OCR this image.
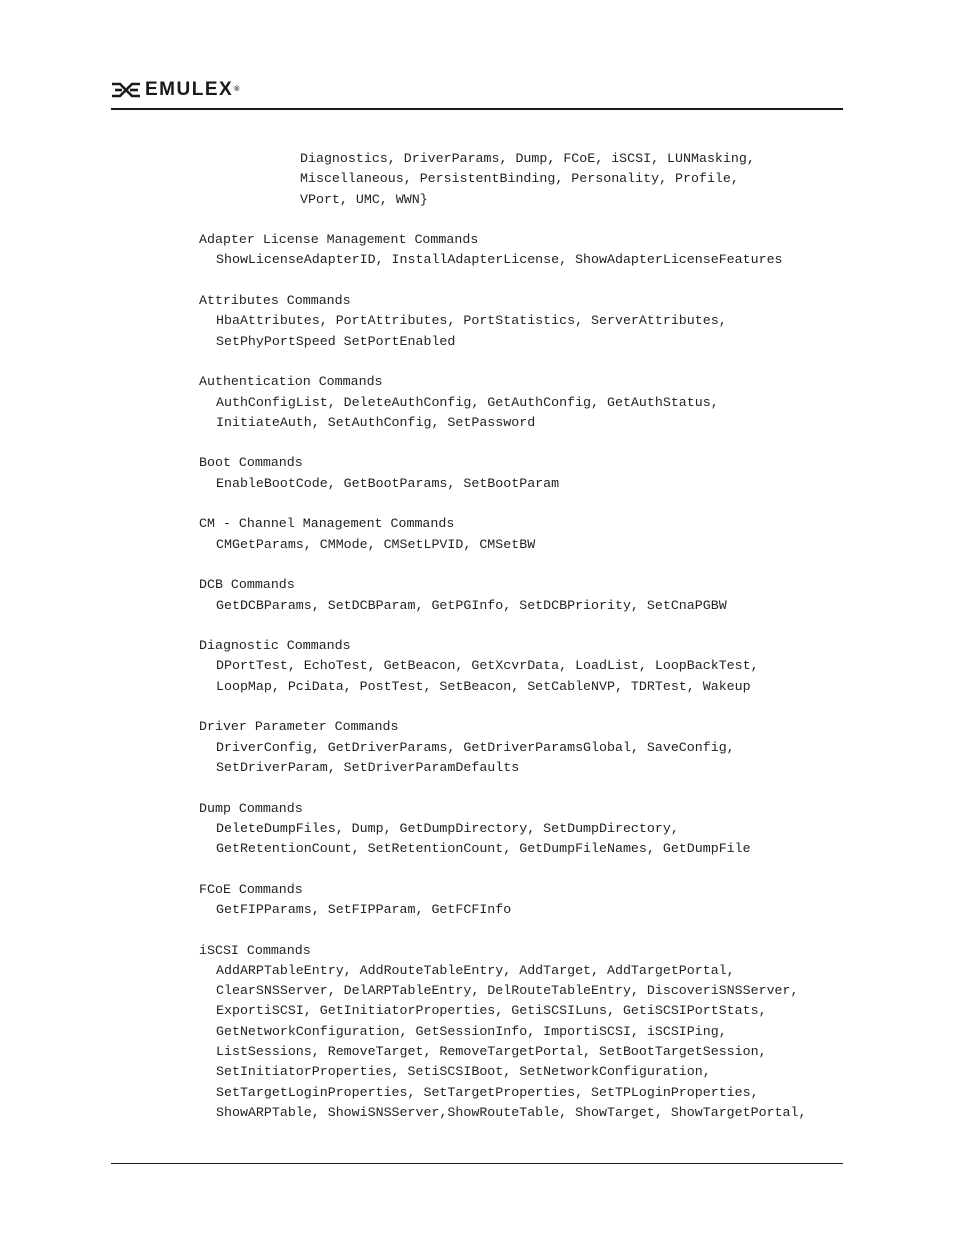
EMULEX®
Diagnostics, DriverParams, Dump, FCoE, iSCSI, LUNMasking,
Miscellaneous, PersistentBinding, Personality, Profile,
VPort, UMC, WWN}
Adapter License Management Commands
ShowLicenseAdapterID, InstallAdapterLicense, ShowAdapterLicenseFeatures
Attributes Commands
HbaAttributes, PortAttributes, PortStatistics, ServerAttributes,
SetPhyPortSpeed SetPortEnabled
Authentication Commands
AuthConfigList, DeleteAuthConfig, GetAuthConfig, GetAuthStatus,
InitiateAuth, SetAuthConfig, SetPassword
Boot Commands
EnableBootCode, GetBootParams, SetBootParam
CM - Channel Management Commands
CMGetParams, CMMode, CMSetLPVID, CMSetBW
DCB Commands
GetDCBParams, SetDCBParam, GetPGInfo, SetDCBPriority, SetCnaPGBW
Diagnostic Commands
DPortTest, EchoTest, GetBeacon, GetXcvrData, LoadList, LoopBackTest,
LoopMap, PciData, PostTest, SetBeacon, SetCableNVP, TDRTest, Wakeup
Driver Parameter Commands
DriverConfig, GetDriverParams, GetDriverParamsGlobal, SaveConfig,
SetDriverParam, SetDriverParamDefaults
Dump Commands
DeleteDumpFiles, Dump, GetDumpDirectory, SetDumpDirectory,
GetRetentionCount, SetRetentionCount, GetDumpFileNames, GetDumpFile
FCoE Commands
GetFIPParams, SetFIPParam, GetFCFInfo
iSCSI Commands
AddARPTableEntry, AddRouteTableEntry, AddTarget, AddTargetPortal,
ClearSNSServer, DelARPTableEntry, DelRouteTableEntry, DiscoveriSNSServer,
ExportiSCSI, GetInitiatorProperties, GetiSCSILuns, GetiSCSIPortStats,
GetNetworkConfiguration, GetSessionInfo, ImportiSCSI, iSCSIPing,
ListSessions, RemoveTarget, RemoveTargetPortal, SetBootTargetSession,
SetInitiatorProperties, SetiSCSIBoot, SetNetworkConfiguration,
SetTargetLoginProperties, SetTargetProperties, SetTPLoginProperties,
ShowARPTable, ShowiSNSServer,ShowRouteTable, ShowTarget, ShowTargetPortal,
